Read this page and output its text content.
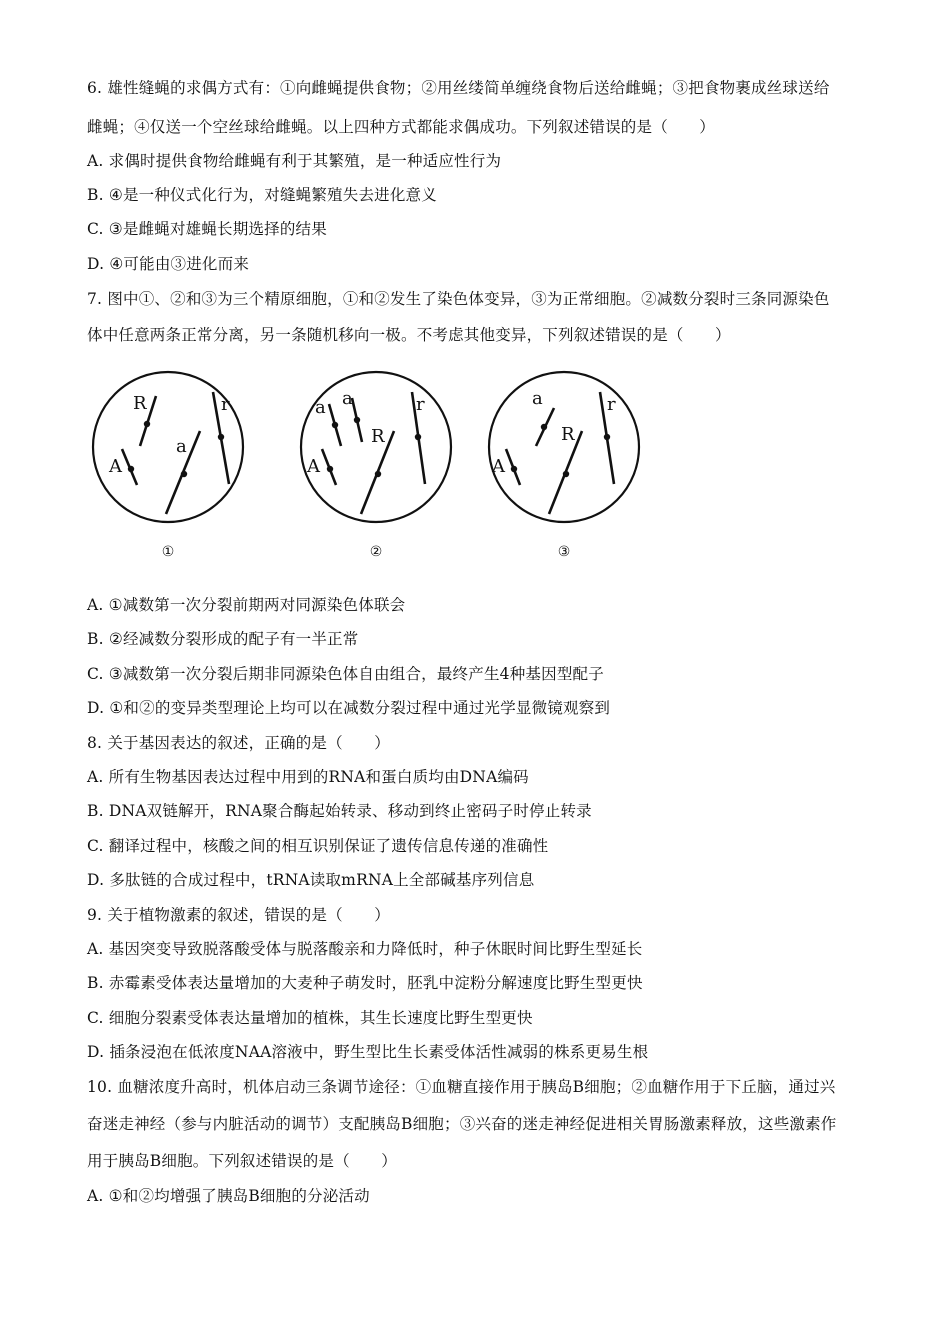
6. 雄性缝蝇的求偶方式有：①向雌蝇提供食物；②用丝缕简单缠绕食物后送给雌蝇；③把食物裹成丝球送给
雌蝇；④仅送一个空丝球给雌蝇。以上四种方式都能求偶成功。下列叙述错误的是（　　）
A. 求偶时提供食物给雌蝇有利于其繁殖，是一种适应性行为
B. ④是一种仪式化行为，对缝蝇繁殖失去进化意义
C. ③是雌蝇对雄蝇长期选择的结果
D. ④可能由③进化而来
7. 图中①、②和③为三个精原细胞，①和②发生了染色体变异，③为正常细胞。②减数分裂时三条同源染色
体中任意两条正常分离，另一条随机移向一极。不考虑其他变异，下列叙述错误的是（　　）
R	r
a
A
①
a a	r
R
A
②
a	r
R
A
③
A. ①减数第一次分裂前期两对同源染色体联会
B. ②经减数分裂形成的配子有一半正常
C. ③减数第一次分裂后期非同源染色体自由组合，最终产生4种基因型配子
D. ①和②的变异类型理论上均可以在减数分裂过程中通过光学显微镜观察到
8. 关于基因表达的叙述，正确的是（　　）
A. 所有生物基因表达过程中用到的RNA和蛋白质均由DNA编码
B. DNA双链解开，RNA聚合酶起始转录、移动到终止密码子时停止转录
C. 翻译过程中，核酸之间的相互识别保证了遗传信息传递的准确性
D. 多肽链的合成过程中，tRNA读取mRNA上全部碱基序列信息
9. 关于植物激素的叙述，错误的是（　　）
A. 基因突变导致脱落酸受体与脱落酸亲和力降低时，种子休眠时间比野生型延长
B. 赤霉素受体表达量增加的大麦种子萌发时，胚乳中淀粉分解速度比野生型更快
C. 细胞分裂素受体表达量增加的植株，其生长速度比野生型更快
D. 插条浸泡在低浓度NAA溶液中，野生型比生长素受体活性减弱的株系更易生根
10. 血糖浓度升高时，机体启动三条调节途径：①血糖直接作用于胰岛B细胞；②血糖作用于下丘脑，通过兴
奋迷走神经（参与内脏活动的调节）支配胰岛B细胞；③兴奋的迷走神经促进相关胃肠激素释放，这些激素作
用于胰岛B细胞。下列叙述错误的是（　　）
A. ①和②均增强了胰岛B细胞的分泌活动
